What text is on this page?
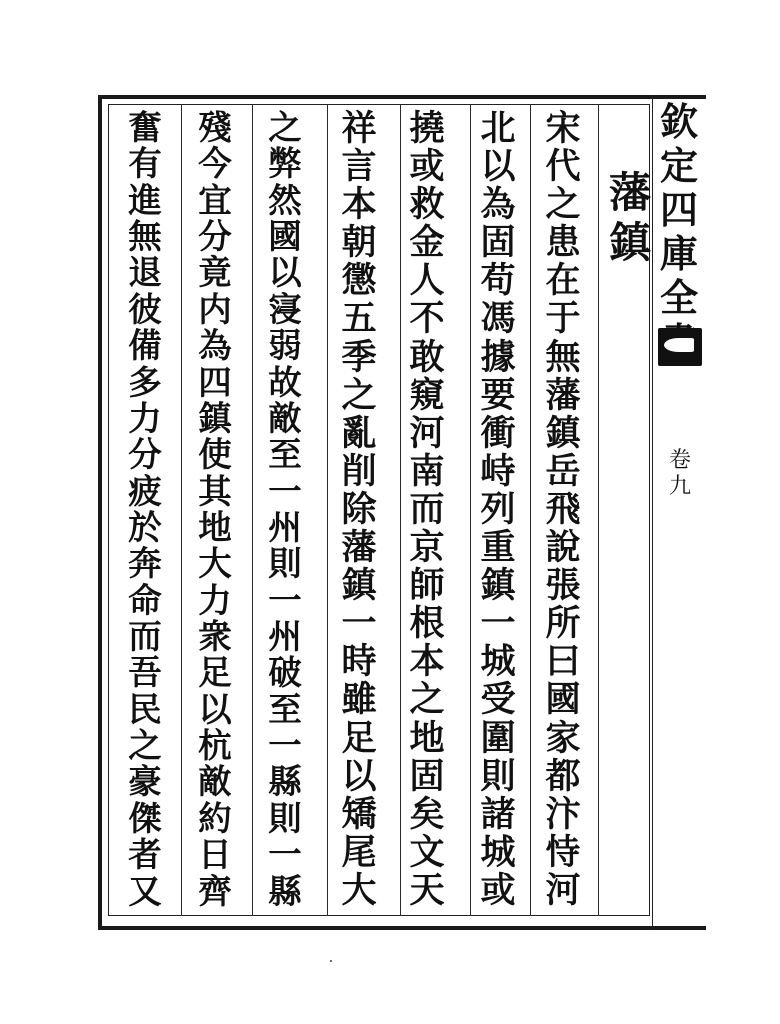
欽
定
四
庫
全
卷
九
藩
鎮
宋
代
之
患
在
于
無
藩
鎮
岳
飛
說
張
所
曰
國
家
都
汴
恃
河
北
以
為
固
苟
馮
據
要
衝
峙
列
重
鎮
一
城
受
圍
則
諸
城
或
撓
或
救
金
人
不
敢
窺
河
南
而
京
師
根
本
之
地
固
矣
文
天
祥
言
本
朝
懲
五
季
之
亂
削
除
藩
鎮
一
時
雖
足
以
矯
尾
大
之
弊
然
國
以
寖
弱
故
敵
至
一
州
則
一
州
破
至
一
縣
則
一
縣
殘
今
宜
分
竟
内
為
四
鎮
使
其
地
大
力
衆
足
以
杭
敵
約
日
齊
奮
有
進
無
退
彼
備
多
力
分
疲
於
奔
命
而
吾
民
之
豪
傑
者
又
